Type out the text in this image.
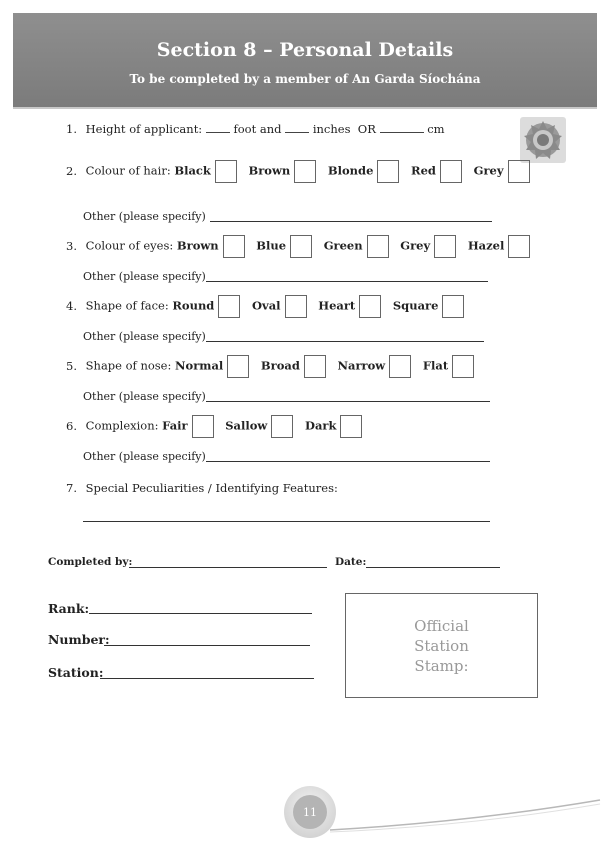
Section 8 – Personal Details
To be completed by a member of An Garda Síochána
1. Height of applicant:	foot and	inches OR	cm
2. Colour of hair: Black	Brown	Blonde	Red	Grey
Other (please specify)
3. Colour of eyes: Brown	Blue	Green	Grey	Hazel
Other (please specify)
4. Shape of face: Round	Oval	Heart	Square
Other (please specify)
5. Shape of nose: Normal	Broad	Narrow	Flat
Other (please specify)
6. Complexion: Fair	Sallow	Dark
Other (please specify)
7. Special Peculiarities / Identifying Features:
Completed by:	Date:
Rank:
Number:
Station:
Official
Station
Stamp:
11
